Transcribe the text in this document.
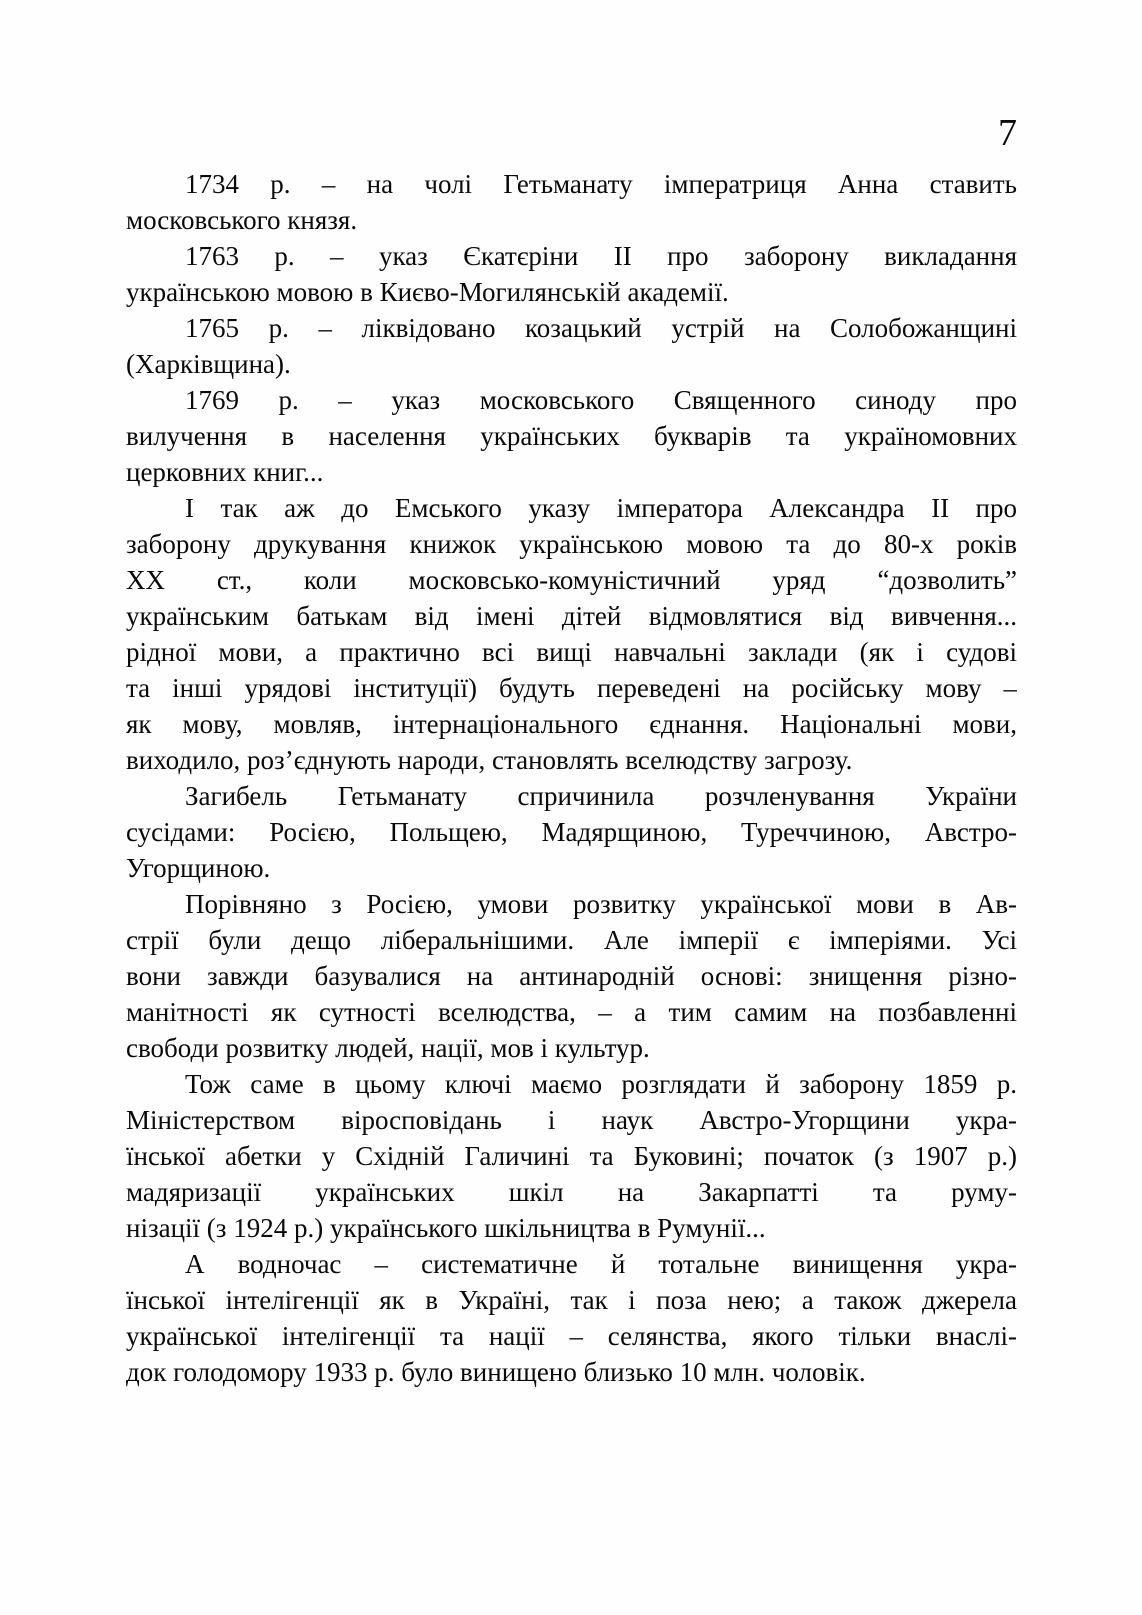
7
1734 р. – на чолі Гетьманату імператриця Анна ставить
московського князя.
1763 р. – указ Єкатєріни ІІ про заборону викладання
українською мовою в Києво-Могилянській академії.
1765 р. – ліквідовано козацький устрій на Солобожанщині
(Харківщина).
1769 р. – указ московського Священного синоду про
вилучення в населення українських букварів та україномовних
церковних книг...
І так аж до Емського указу імператора Александра ІІ про
заборону друкування книжок українською мовою та до 80-х років
ХХ ст., коли московсько-комуністичний уряд “дозволить”
українським батькам від імені дітей відмовлятися від вивчення...
рідної мови, а практично всі вищі навчальні заклади (як і судові
та інші урядові інституції) будуть переведені на російську мову –
як мову, мовляв, інтернаціонального єднання. Національні мови,
виходило, роз’єднують народи, становлять вселюдству загрозу.
Загибель Гетьманату спричинила розчленування України
сусідами: Росією, Польщею, Мадярщиною, Туреччиною, Австро-
Угорщиною.
Порівняно з Росією, умови розвитку української мови в Ав-
стрії були дещо ліберальнішими. Але імперії є імперіями. Усі
вони завжди базувалися на антинародній основі: знищення різно-
манітності як сутності вселюдства, – а тим самим на позбавленні
свободи розвитку людей, нації, мов і культур.
Тож саме в цьому ключі маємо розглядати й заборону 1859 р.
Міністерством віросповідань і наук Австро-Угорщини укра-
їнської абетки у Східній Галичині та Буковині; початок (з 1907 р.)
мадяризації українських шкіл на Закарпатті та руму-
нізації (з 1924 р.) українського шкільництва в Румунії...
А водночас – систематичне й тотальне винищення укра-
їнської інтелігенції як в Україні, так і поза нею; а також джерела
української інтелігенції та нації – селянства, якого тільки внаслі-
док голодомору 1933 р. було винищено близько 10 млн. чоловік.
